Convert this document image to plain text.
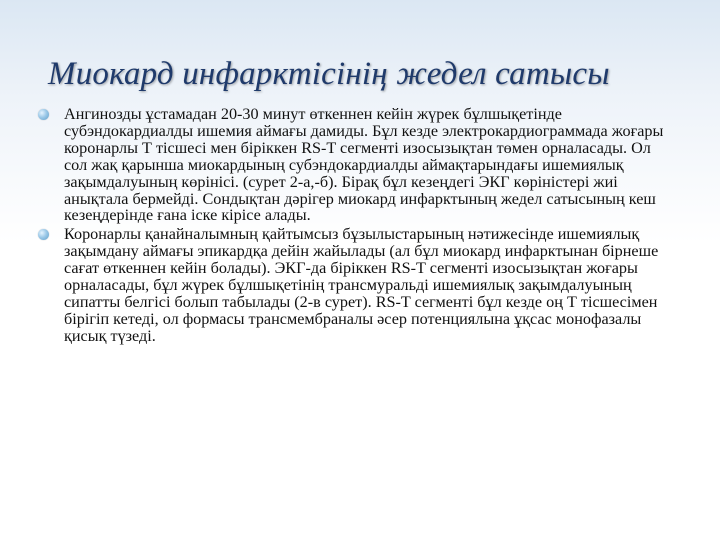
Миокард инфарктісінің жедел сатысы
Ангинозды ұстамадан 20-30 минут өткеннен кейін жүрек бұлшықетінде субэндокардиалды ишемия аймағы дамиды. Бұл кезде электрокардиограммада жоғары коронарлы Т тісшесі мен біріккен RS-T сегменті изосызықтан төмен орналасады. Ол сол жақ қарынша миокардының субэндокардиалды аймақтарындағы ишемиялық зақымдалуының көрінісі. (сурет 2-а,-б). Бірақ бұл кезеңдегі ЭКГ көріністері жиі анықтала бермейді. Сондықтан дәрігер миокард инфарктының жедел сатысының кеш кезеңдерінде ғана іске кірісе алады.
Коронарлы қанайналымның қайтымсыз бұзылыстарының нәтижесінде ишемиялық зақымдану аймағы эпикардқа дейін жайылады (ал бұл миокард инфарктынан бірнеше сағат өткеннен кейін болады). ЭКГ-да біріккен RS-T сегменті изосызықтан жоғары орналасады, бұл жүрек бұлшықетінің трансмуральді ишемиялық зақымдалуының сипатты белгісі болып табылады (2-в сурет). RS-T сегменті бұл кезде оң Т тісшесімен бірігіп кетеді, ол формасы трансмембраналы әсер потенциялына ұқсас монофазалы қисық түзеді.
